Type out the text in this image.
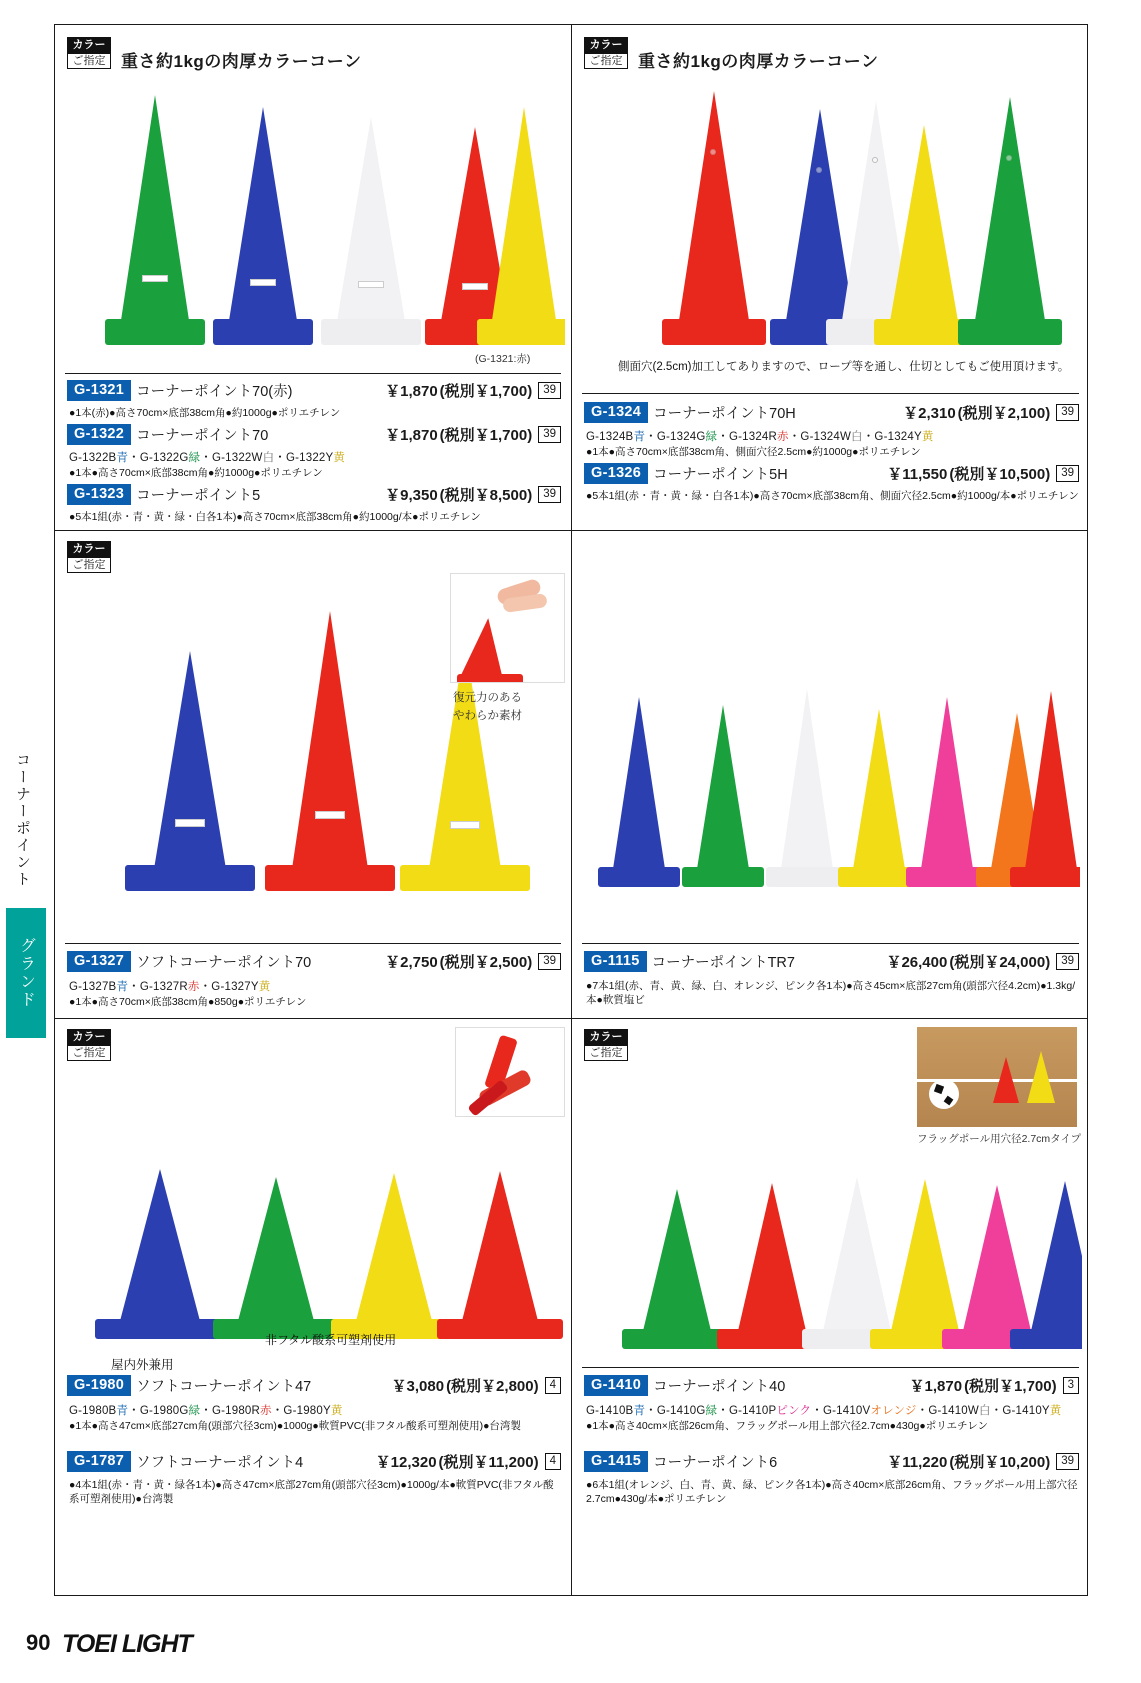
コーナーポイント
グランド
カラー
ご指定 重さ約1kgの肉厚カラーコーン
(G-1321:赤)
G-1321 コーナーポイント70(赤)	￥1,870 (税別￥1,700) 39
●1本(赤)●高さ70cm×底部38cm角●約1000g●ポリエチレン
G-1322 コーナーポイント70	￥1,870 (税別￥1,700) 39
G-1322B青・G-1322G緑・G-1322W白・G-1322Y黄
●1本●高さ70cm×底部38cm角●約1000g●ポリエチレン
G-1323 コーナーポイント5	￥9,350 (税別￥8,500) 39
●5本1組(赤・青・黄・緑・白各1本)●高さ70cm×底部38cm角●約1000g/本●ポリエチレン
カラー
ご指定 重さ約1kgの肉厚カラーコーン
側面穴(2.5cm)加工してありますので、ロープ等を通し、仕切としてもご使用頂けます。
G-1324 コーナーポイント70H	￥2,310 (税別￥2,100) 39
G-1324B青・G-1324G緑・G-1324R赤・G-1324W白・G-1324Y黄
●1本●高さ70cm×底部38cm角、側面穴径2.5cm●約1000g●ポリエチレン
G-1326 コーナーポイント5H	￥11,550 (税別￥10,500) 39
●5本1組(赤・青・黄・緑・白各1本)●高さ70cm×底部38cm角、側面穴径2.5cm●約1000g/本●ポリエチレン
カラー
ご指定
復元力のある
やわらか素材
G-1327 ソフトコーナーポイント70	￥2,750 (税別￥2,500) 39
G-1327B青・G-1327R赤・G-1327Y黄
●1本●高さ70cm×底部38cm角●850g●ポリエチレン
G-1115 コーナーポイントTR7	￥26,400 (税別￥24,000) 39
●7本1組(赤、青、黄、緑、白、オレンジ、ピンク各1本)●高さ45cm×底部27cm角(頭部穴径4.2cm)●1.3kg/本●軟質塩ビ
カラー
ご指定
非フタル酸系可塑剤使用
屋内外兼用
G-1980 ソフトコーナーポイント47	￥3,080 (税別￥2,800) 4
G-1980B青・G-1980G緑・G-1980R赤・G-1980Y黄
●1本●高さ47cm×底部27cm角(頭部穴径3cm)●1000g●軟質PVC(非フタル酸系可塑剤使用)●台湾製
G-1787 ソフトコーナーポイント4	￥12,320 (税別￥11,200) 4
●4本1組(赤・青・黄・緑各1本)●高さ47cm×底部27cm角(頭部穴径3cm)●1000g/本●軟質PVC(非フタル酸系可塑剤使用)●台湾製
カラー
ご指定
フラッグポール用穴径2.7cmタイプ
G-1410 コーナーポイント40	￥1,870 (税別￥1,700) 3
G-1410B青・G-1410G緑・G-1410Pピンク・G-1410Vオレンジ・G-1410W白・G-1410Y黄
●1本●高さ40cm×底部26cm角、フラッグポール用上部穴径2.7cm●430g●ポリエチレン
G-1415 コーナーポイント6	￥11,220 (税別￥10,200) 39
●6本1組(オレンジ、白、青、黄、緑、ピンク各1本)●高さ40cm×底部26cm角、フラッグポール用上部穴径2.7cm●430g/本●ポリエチレン
90 TOEI LIGHT
